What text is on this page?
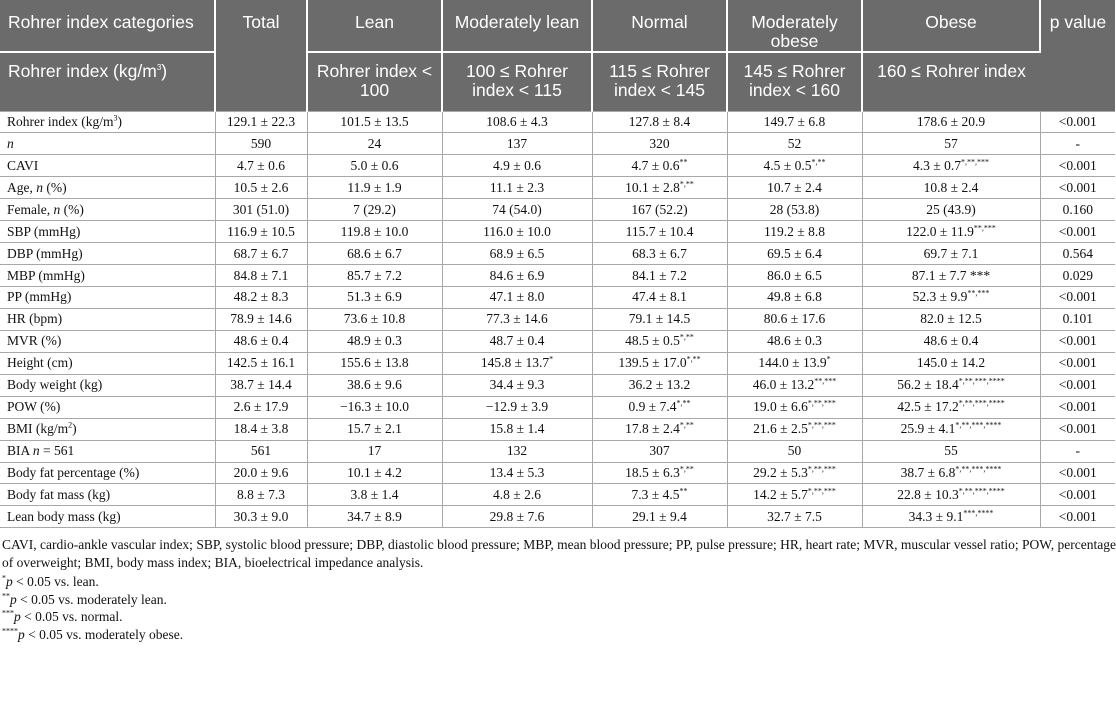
Rohrer index categories	Total	Lean	Moderately lean	Normal	Moderately obese	Obese	p value
Rohrer index $(kg/m^3)$		Rohrer index < 100	100 ≤ Rohrer index < 115	115 ≤ Rohrer index < 145	145 ≤ Rohrer index < 160	160 ≤ Rohrer index	
Rohrer index $(kg/m^3)$	129.1 ± 22.3	101.5 ± 13.5	108.6 ± 4.3	127.8 ± 8.4	149.7 ± 6.8	178.6 ± 20.9	<0.001
n	590	24	137	320	52	57	-
CAVI	4.7 ± 0.6	5.0 ± 0.6	4.9 ± 0.6	4.7 ± 0.6**	4.5 ± 0.5*,**	4.3 ± 0.7*,**,***	<0.001
Age, n (%)	10.5 ± 2.6	11.9 ± 1.9	11.1 ± 2.3	10.1 ± 2.8*,**	10.7 ± 2.4	10.8 ± 2.4	<0.001
Female, n (%)	301 (51.0)	7 (29.2)	74 (54.0)	167 (52.2)	28 (53.8)	25 (43.9)	0.160
SBP (mmHg)	116.9 ± 10.5	119.8 ± 10.0	116.0 ± 10.0	115.7 ± 10.4	119.2 ± 8.8	122.0 ± 11.9**,***	<0.001
DBP (mmHg)	68.7 ± 6.7	68.6 ± 6.7	68.9 ± 6.5	68.3 ± 6.7	69.5 ± 6.4	69.7 ± 7.1	0.564
MBP (mmHg)	84.8 ± 7.1	85.7 ± 7.2	84.6 ± 6.9	84.1 ± 7.2	86.0 ± 6.5	87.1 ± 7.7 ***	0.029
PP (mmHg)	48.2 ± 8.3	51.3 ± 6.9	47.1 ± 8.0	47.4 ± 8.1	49.8 ± 6.8	52.3 ± 9.9**,***	<0.001
HR (bpm)	78.9 ± 14.6	73.6 ± 10.8	77.3 ± 14.6	79.1 ± 14.5	80.6 ± 17.6	82.0 ± 12.5	0.101
MVR (%)	48.6 ± 0.4	48.9 ± 0.3	48.7 ± 0.4	48.5 ± 0.5*,**	48.6 ± 0.3	48.6 ± 0.4	<0.001
Height (cm)	142.5 ± 16.1	155.6 ± 13.8	145.8 ± 13.7*	139.5 ± 17.0*,**	144.0 ± 13.9*	145.0 ± 14.2	<0.001
Body weight (kg)	38.7 ± 14.4	38.6 ± 9.6	34.4 ± 9.3	36.2 ± 13.2	46.0 ± 13.2**,***	56.2 ± 18.4*,**,***,****	<0.001
POW (%)	2.6 ± 17.9	−16.3 ± 10.0	−12.9 ± 3.9	0.9 ± 7.4*,**	19.0 ± 6.6*,**,***	42.5 ± 17.2*,**,***,****	<0.001
BMI $(kg/m^2)$	18.4 ± 3.8	15.7 ± 2.1	15.8 ± 1.4	17.8 ± 2.4*,**	21.6 ± 2.5*,**,***	25.9 ± 4.1*,**,***,****	<0.001
BIA n = 561	561	17	132	307	50	55	-
Body fat percentage (%)	20.0 ± 9.6	10.1 ± 4.2	13.4 ± 5.3	18.5 ± 6.3*,**	29.2 ± 5.3*,**,***	38.7 ± 6.8*,**,***,****	<0.001
Body fat mass (kg)	8.8 ± 7.3	3.8 ± 1.4	4.8 ± 2.6	7.3 ± 4.5**	14.2 ± 5.7*,**,***	22.8 ± 10.3*,**,***,****	<0.001
Lean body mass (kg)	30.3 ± 9.0	34.7 ± 8.9	29.8 ± 7.6	29.1 ± 9.4	32.7 ± 7.5	34.3 ± 9.1***,****	<0.001

CAVI, cardio-ankle vascular index; SBP, systolic blood pressure; DBP, diastolic blood pressure; MBP, mean blood pressure; PP, pulse pressure; HR, heart rate; MVR, muscular vessel ratio; POW, percentage of overweight; BMI, body mass index; BIA, bioelectrical impedance analysis.

*p < 0.05 vs. lean.

**p < 0.05 vs. moderately lean.

***p < 0.05 vs. normal.

****p < 0.05 vs. moderately obese.
